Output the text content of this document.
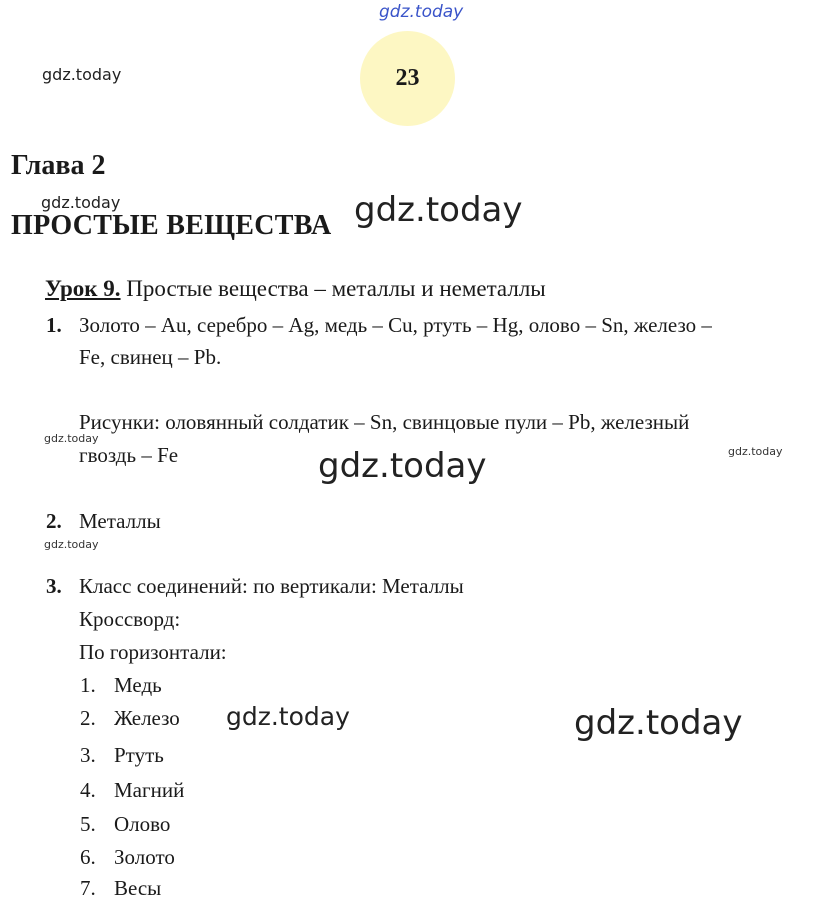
gdz.today
gdz.today
gdz.today	gdz.today
gdz.today
gdz.today	gdz.today
gdz.today
gdz.today	gdz.today
23
Глава 2
ПРОСТЫЕ ВЕЩЕСТВА
Урок 9. Простые вещества – металлы и неметаллы
1. Золото – Au, серебро – Ag, медь – Cu, ртуть – Hg, олово – Sn, железо –
Fe, свинец – Pb.
Рисунки: оловянный солдатик – Sn, свинцовые пули – Pb, железный
гвоздь – Fe
2. Металлы
3. Класс соединений: по вертикали: Металлы
Кроссворд:
По горизонтали:
1. Медь
2. Железо
3. Ртуть
4. Магний
5. Олово
6. Золото
7. Весы
